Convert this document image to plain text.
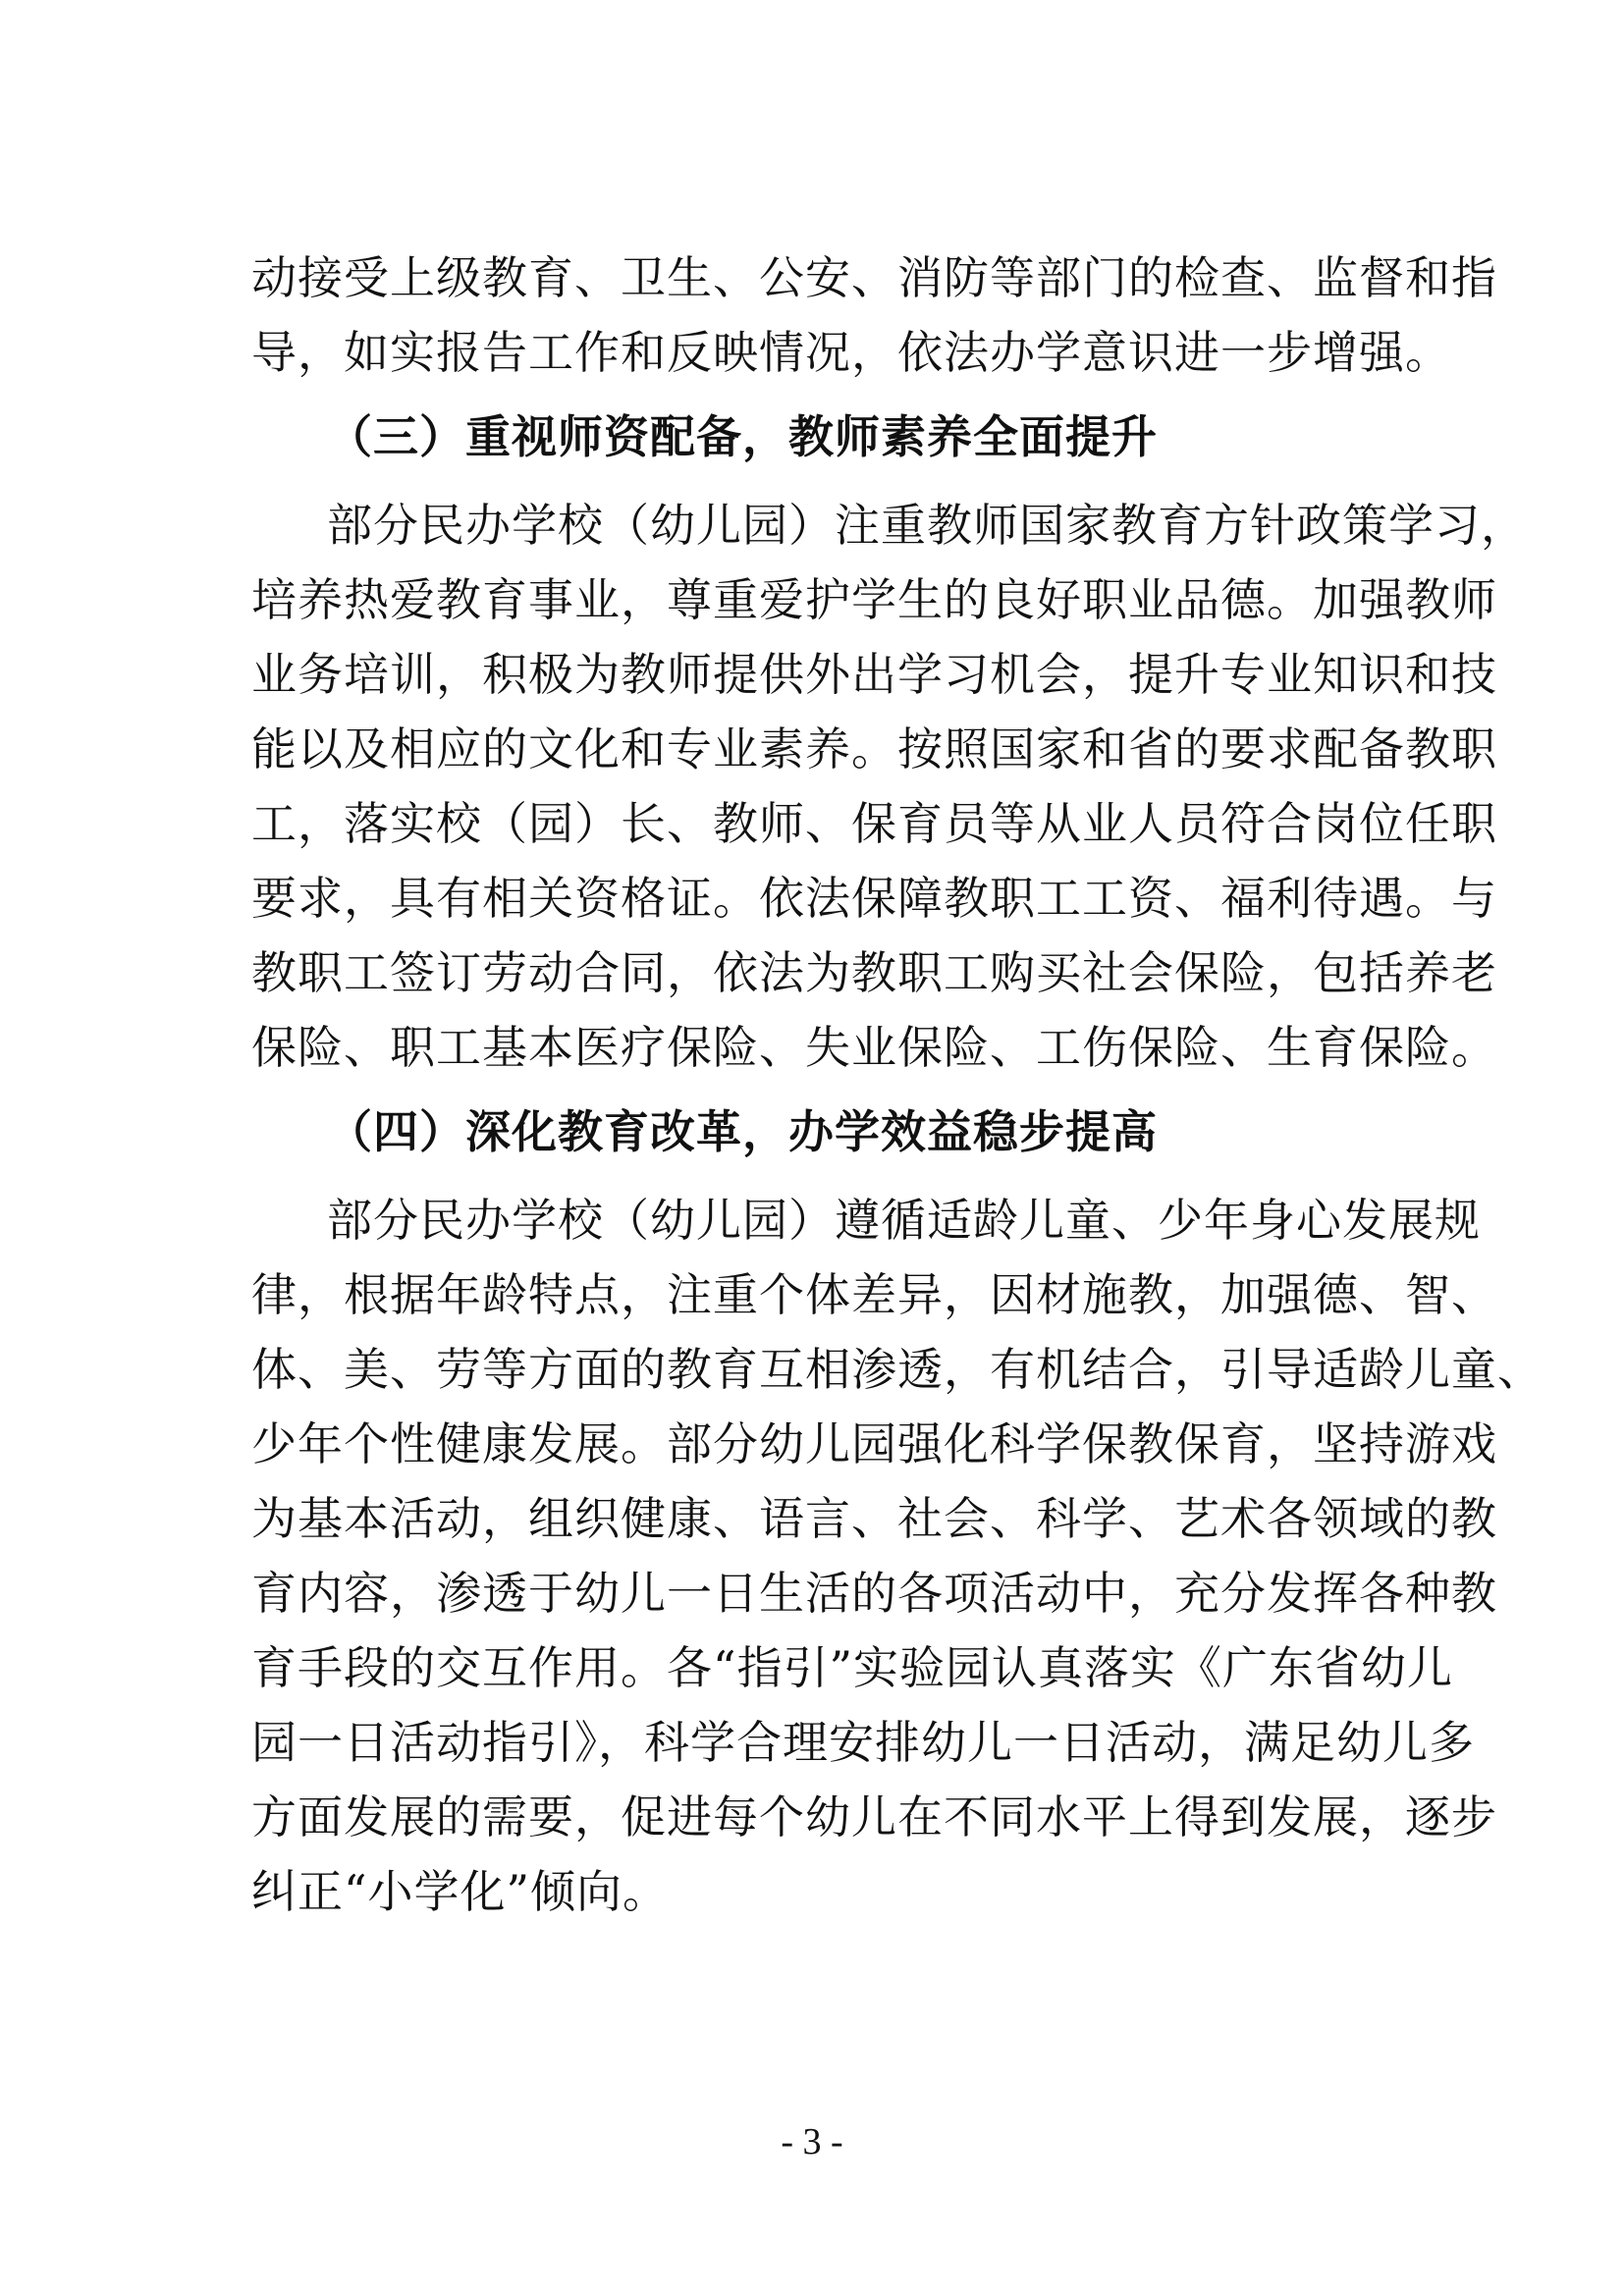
动接受上级教育、卫生、公安、消防等部门的检查、监督和指
导，如实报告工作和反映情况，依法办学意识进一步增强。
（三）重视师资配备，教师素养全面提升
部分民办学校（幼儿园）注重教师国家教育方针政策学习，
培养热爱教育事业，尊重爱护学生的良好职业品德。加强教师
业务培训，积极为教师提供外出学习机会，提升专业知识和技
能以及相应的文化和专业素养。按照国家和省的要求配备教职
工，落实校（园）长、教师、保育员等从业人员符合岗位任职
要求，具有相关资格证。依法保障教职工工资、福利待遇。与
教职工签订劳动合同，依法为教职工购买社会保险，包括养老
保险、职工基本医疗保险、失业保险、工伤保险、生育保险。
（四）深化教育改革，办学效益稳步提高
部分民办学校（幼儿园）遵循适龄儿童、少年身心发展规
律，根据年龄特点，注重个体差异，因材施教，加强德、智、
体、美、劳等方面的教育互相渗透，有机结合，引导适龄儿童、
少年个性健康发展。部分幼儿园强化科学保教保育，坚持游戏
为基本活动，组织健康、语言、社会、科学、艺术各领域的教
育内容，渗透于幼儿一日生活的各项活动中，充分发挥各种教
育手段的交互作用。各“指引”实验园认真落实《广东省幼儿
园一日活动指引》，科学合理安排幼儿一日活动，满足幼儿多
方面发展的需要，促进每个幼儿在不同水平上得到发展，逐步
纠正“小学化”倾向。
- 3 -
